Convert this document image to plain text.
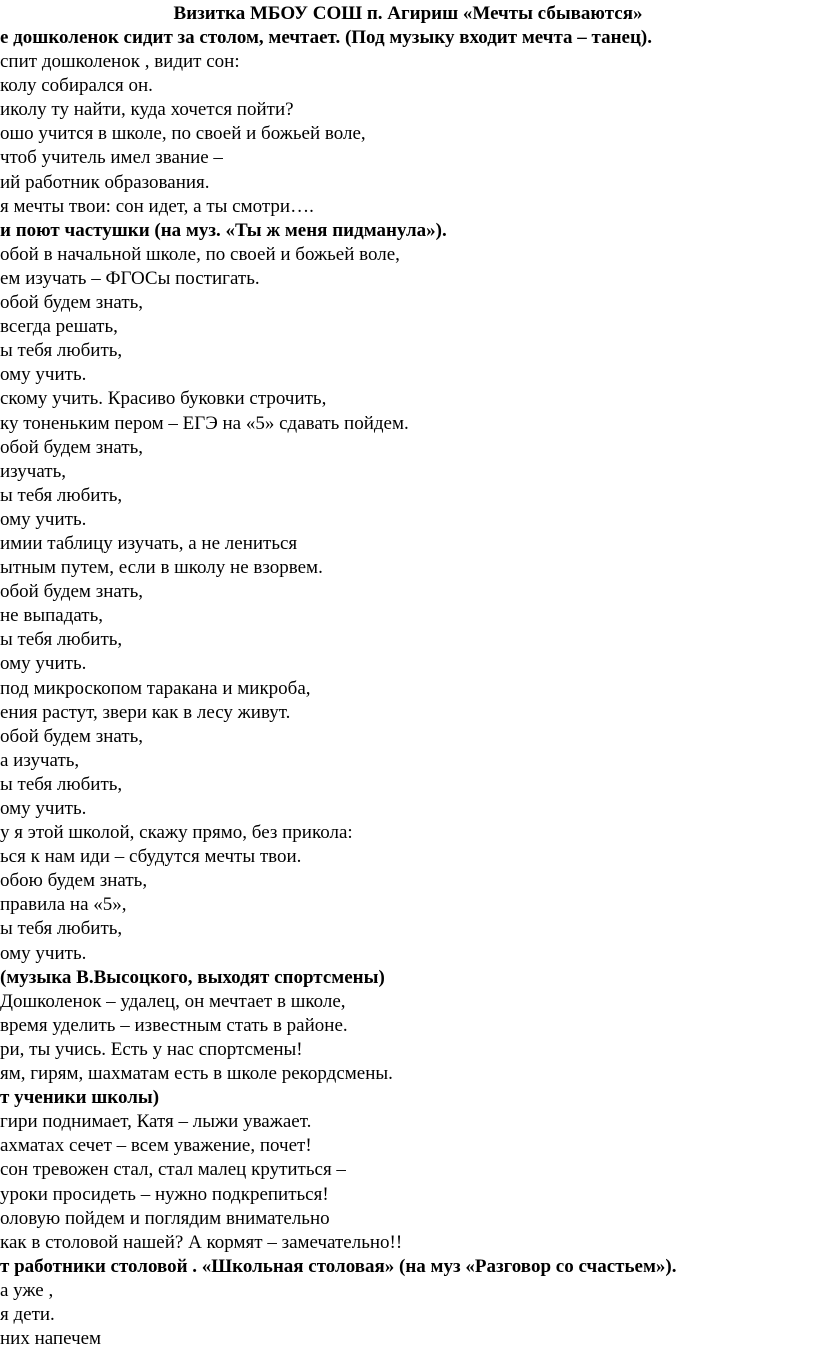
Визитка МБОУ СОШ п. Агириш «Мечты сбываются»
е дошколенок сидит за столом, мечтает. (Под музыку входит мечта – танец).
спит дошколенок , видит сон:
колу собирался он.
иколу ту найти, куда хочется пойти?
ошо учится в школе, по своей и божьей воле,
чтоб учитель имел звание –
ий работник образования.
я мечты твои: сон идет, а ты смотри….
и поют частушки (на муз. «Ты ж меня пидманула»).
обой в начальной школе, по своей и божьей воле,
ем изучать – ФГОСы постигать.
обой будем знать,
всегда решать,
ы тебя любить,
ому учить.
скому учить. Красиво буковки строчить,
ку тоненьким пером – ЕГЭ на «5» сдавать пойдем.
обой будем знать,
изучать,
ы тебя любить,
ому учить.
имии таблицу изучать, а не лениться
ытным путем, если в школу не взорвем.
обой будем знать,
не выпадать,
ы тебя любить,
ому учить.
под микроскопом таракана и микроба,
ения растут, звери как в лесу живут.
обой будем знать,
а изучать,
ы тебя любить,
ому учить.
у я этой школой, скажу прямо, без прикола:
ься к нам иди – сбудутся мечты твои.
обою будем знать,
правила на «5»,
ы тебя любить,
ому учить.
(музыка В.Высоцкого, выходят спортсмены)
Дошколенок – удалец, он мечтает в школе,
время уделить – известным стать в районе.
ри, ты учись. Есть у нас спортсмены!
ям, гирям, шахматам есть в школе рекордсмены.
т ученики школы)
гири поднимает, Катя – лыжи уважает.
ахматах сечет – всем уважение, почет!
сон тревожен стал, стал малец крутиться –
уроки просидеть – нужно подкрепиться!
оловую пойдем и поглядим внимательно
как в столовой нашей? А кормят – замечательно!!
т работники столовой . «Школьная столовая» (на муз «Разговор со счастьем»).
а уже ,
я дети.
них напечем
